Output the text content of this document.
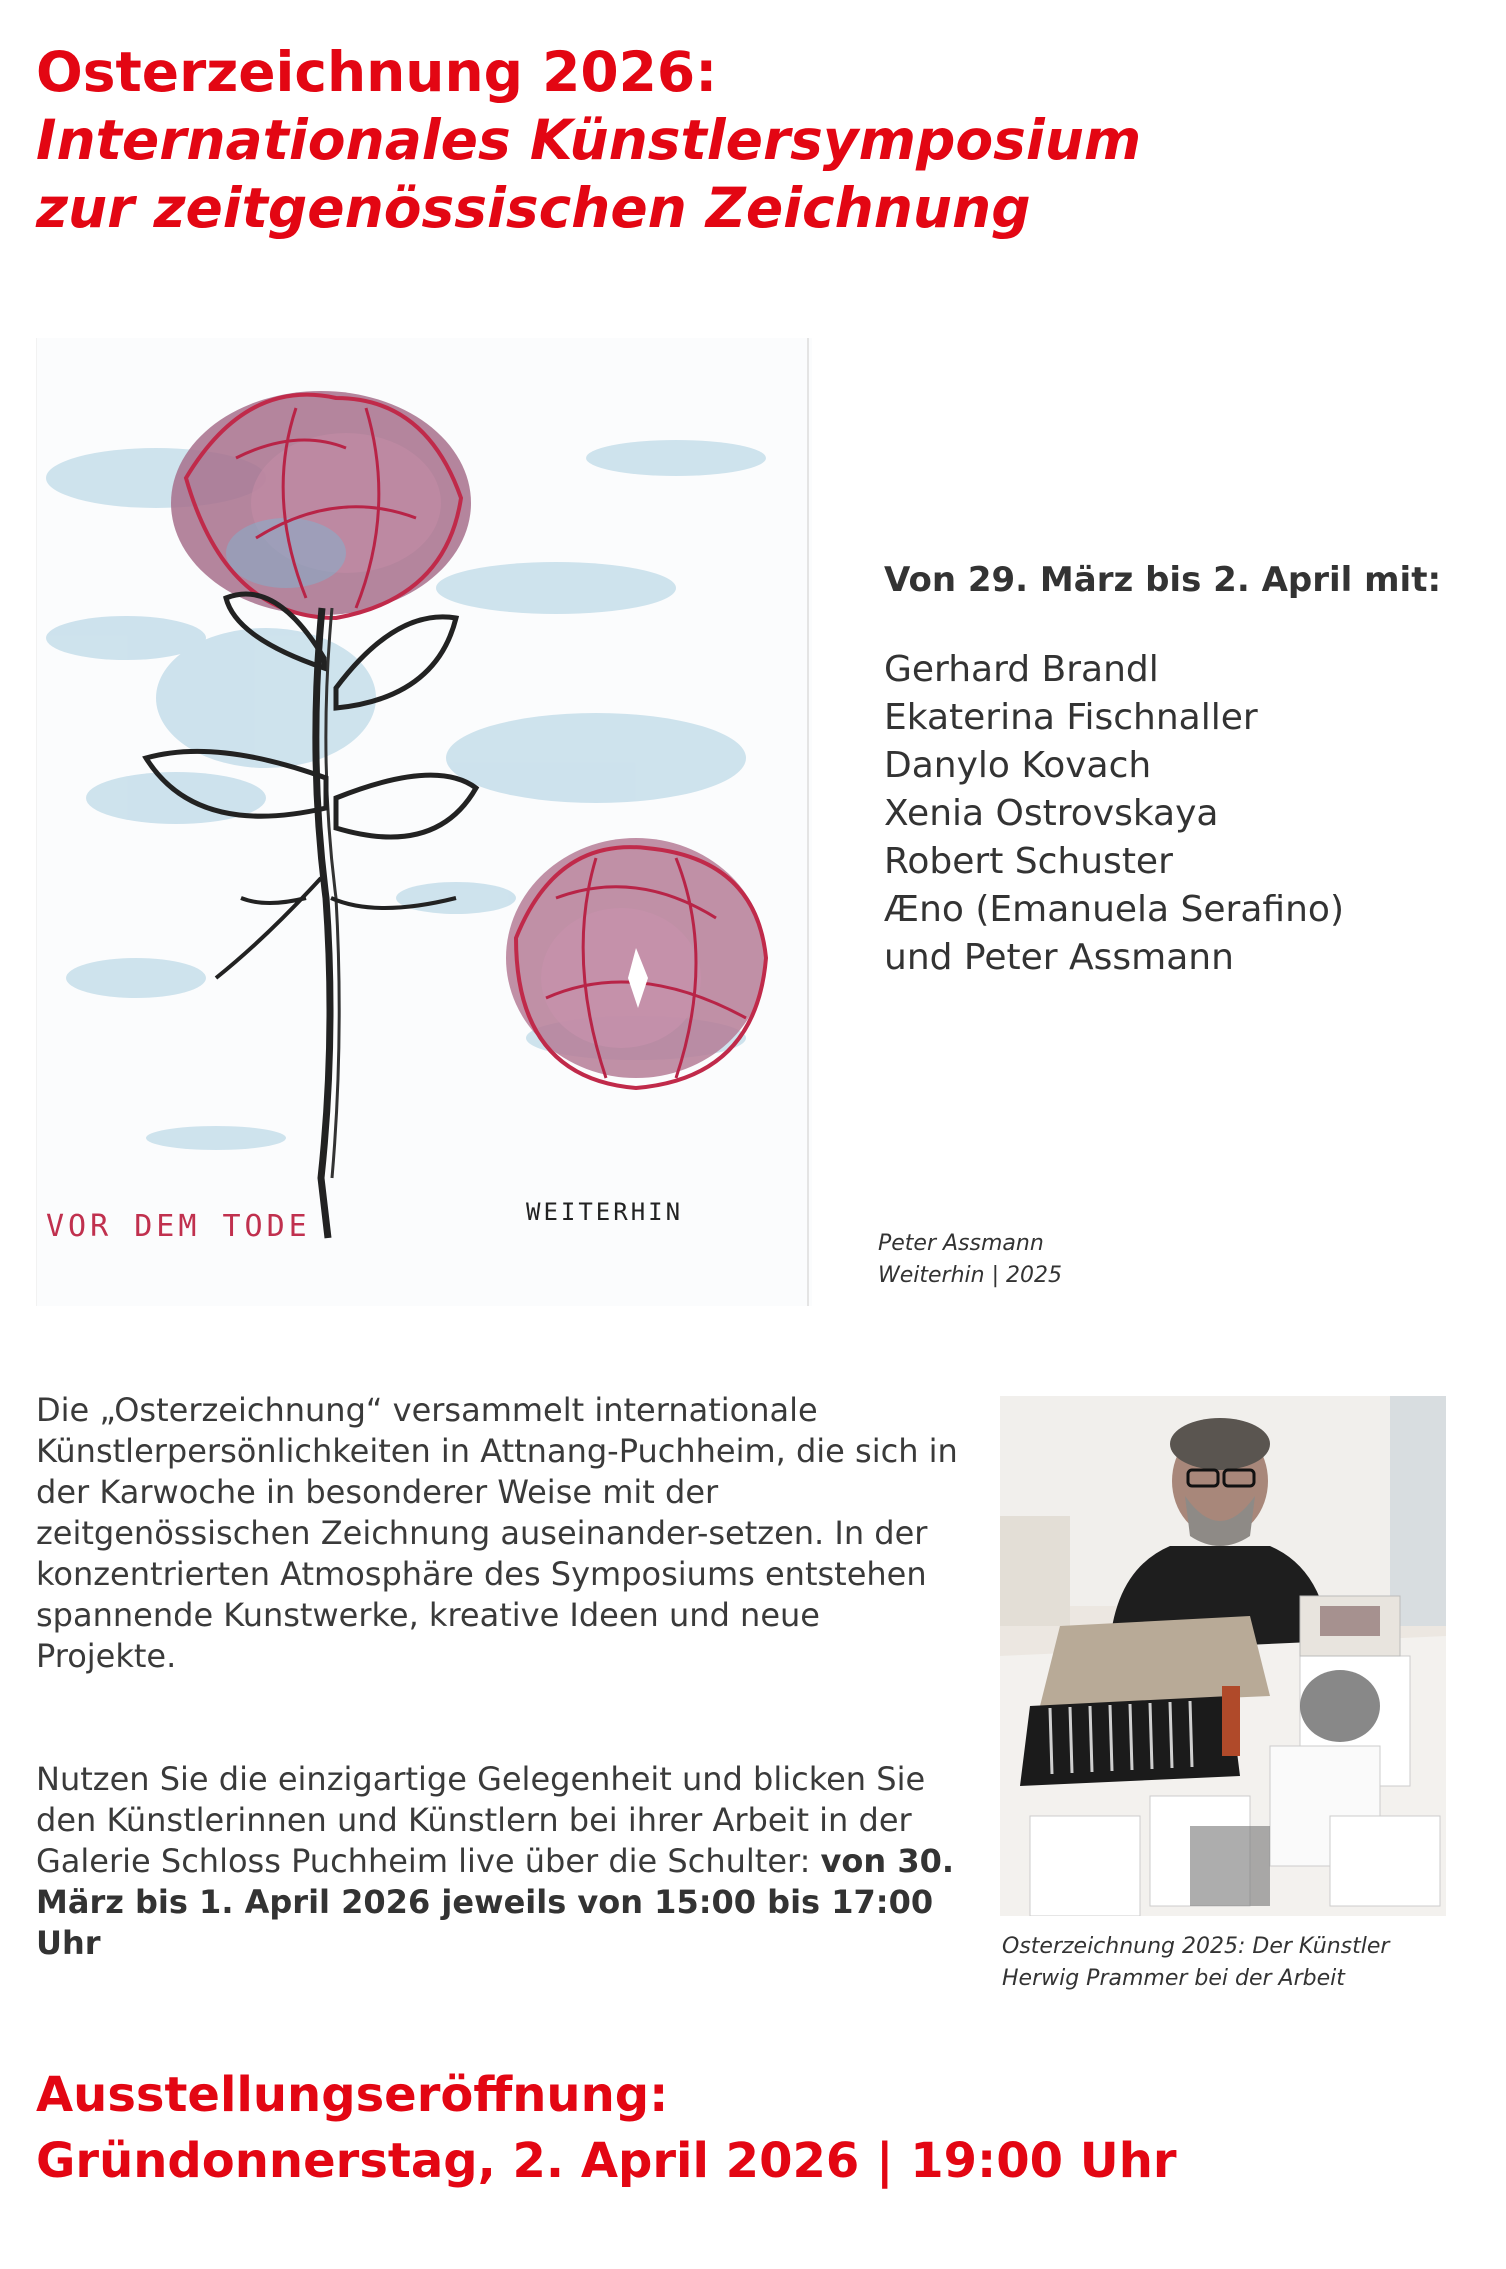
Osterzeichnung 2026:
Internationales Künstlersymposium
zur zeitgenössischen Zeichnung
VOR DEM TODE	WEITERHIN
Von 29. März bis 2. April mit:
Gerhard Brandl
Ekaterina Fischnaller
Danylo Kovach
Xenia Ostrovskaya
Robert Schuster
Æno (Emanuela Serafino)
und Peter Assmann
Peter Assmann
Weiterhin | 2025

Die „Osterzeichnung“ versammelt internationale Künstlerpersönlichkeiten in Attnang-Puchheim, die sich in der Karwoche in besonderer Weise mit der zeitgenössischen Zeichnung auseinander-setzen. In der konzentrierten Atmosphäre des Symposiums entstehen spannende Kunstwerke, kreative Ideen und neue Projekte.

Nutzen Sie die einzigartige Gelegenheit und blicken Sie den Künstlerinnen und Künstlern bei ihrer Arbeit in der Galerie Schloss Puchheim live über die Schulter: von 30. März bis 1. April 2026 jeweils von 15:00 bis 17:00 Uhr	Osterzeichnung 2025: Der Künstler
Herwig Prammer bei der Arbeit
Ausstellungseröffnung:
Gründonnerstag, 2. April 2026 | 19:00 Uhr
